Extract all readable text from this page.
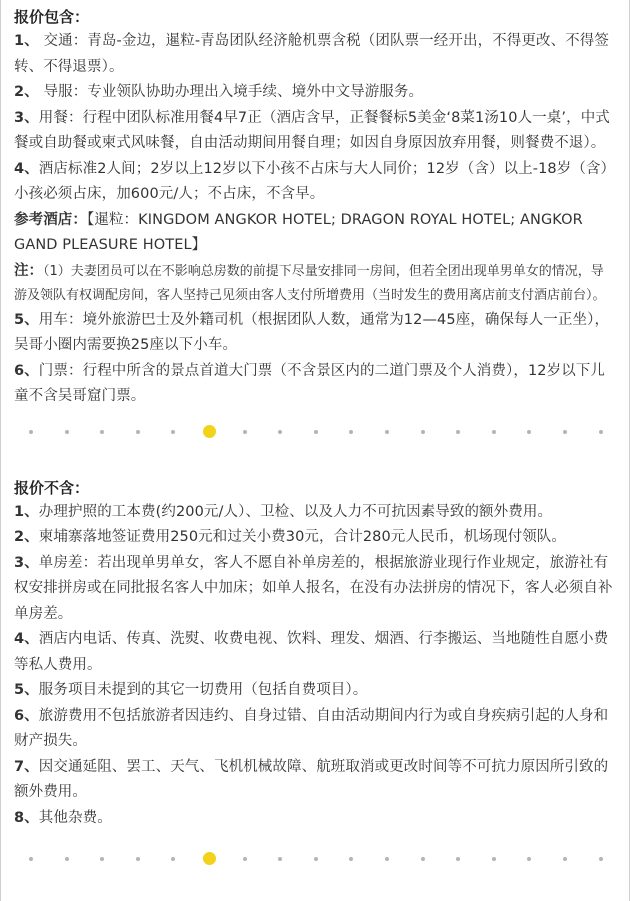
报价包含：

1、 交通：青岛-金边，暹粒-青岛团队经济舱机票含税（团队票一经开出，不得更改、不得签转、不得退票）。

2、 导服：专业领队协助办理出入境手续、境外中文导游服务。

3、用餐：行程中团队标准用餐4早7正（酒店含早，正餐餐标5美金‘8菜1汤10人一桌’，中式餐或自助餐或柬式风味餐，自由活动期间用餐自理；如因自身原因放弃用餐，则餐费不退）。

4、酒店标准2人间；2岁以上12岁以下小孩不占床与大人同价；12岁（含）以上-18岁（含）小孩必须占床，加600元/人；不占床，不含早。

参考酒店：【暹粒：KINGDOM ANGKOR HOTEL; DRAGON ROYAL HOTEL; ANGKOR GAND PLEASURE HOTEL】

注：（1）夫妻团员可以在不影响总房数的前提下尽量安排同一房间，但若全团出现单男单女的情况，导游及领队有权调配房间，客人坚持己见须由客人支付所增费用（当时发生的费用离店前支付酒店前台）。

5、用车：境外旅游巴士及外籍司机（根据团队人数，通常为12—45座，确保每人一正坐），吴哥小圈内需要换25座以下小车。

6、门票：行程中所含的景点首道大门票（不含景区内的二道门票及个人消费），12岁以下儿童不含吴哥窟门票。

报价不含：

1、办理护照的工本费(约200元/人）、卫检、以及人力不可抗因素导致的额外费用。

2、柬埔寨落地签证费用250元和过关小费30元，合计280元人民币，机场现付领队。

3、单房差：若出现单男单女，客人不愿自补单房差的，根据旅游业现行作业规定，旅游社有权安排拼房或在同批报名客人中加床；如单人报名，在没有办法拼房的情况下，客人必须自补单房差。

4、酒店内电话、传真、洗熨、收费电视、饮料、理发、烟酒、行李搬运、当地随性自愿小费等私人费用。

5、服务项目未提到的其它一切费用（包括自费项目）。

6、旅游费用不包括旅游者因违约、自身过错、自由活动期间内行为或自身疾病引起的人身和财产损失。

7、因交通延阻、罢工、天气、飞机机械故障、航班取消或更改时间等不可抗力原因所引致的额外费用。

8、其他杂费。
